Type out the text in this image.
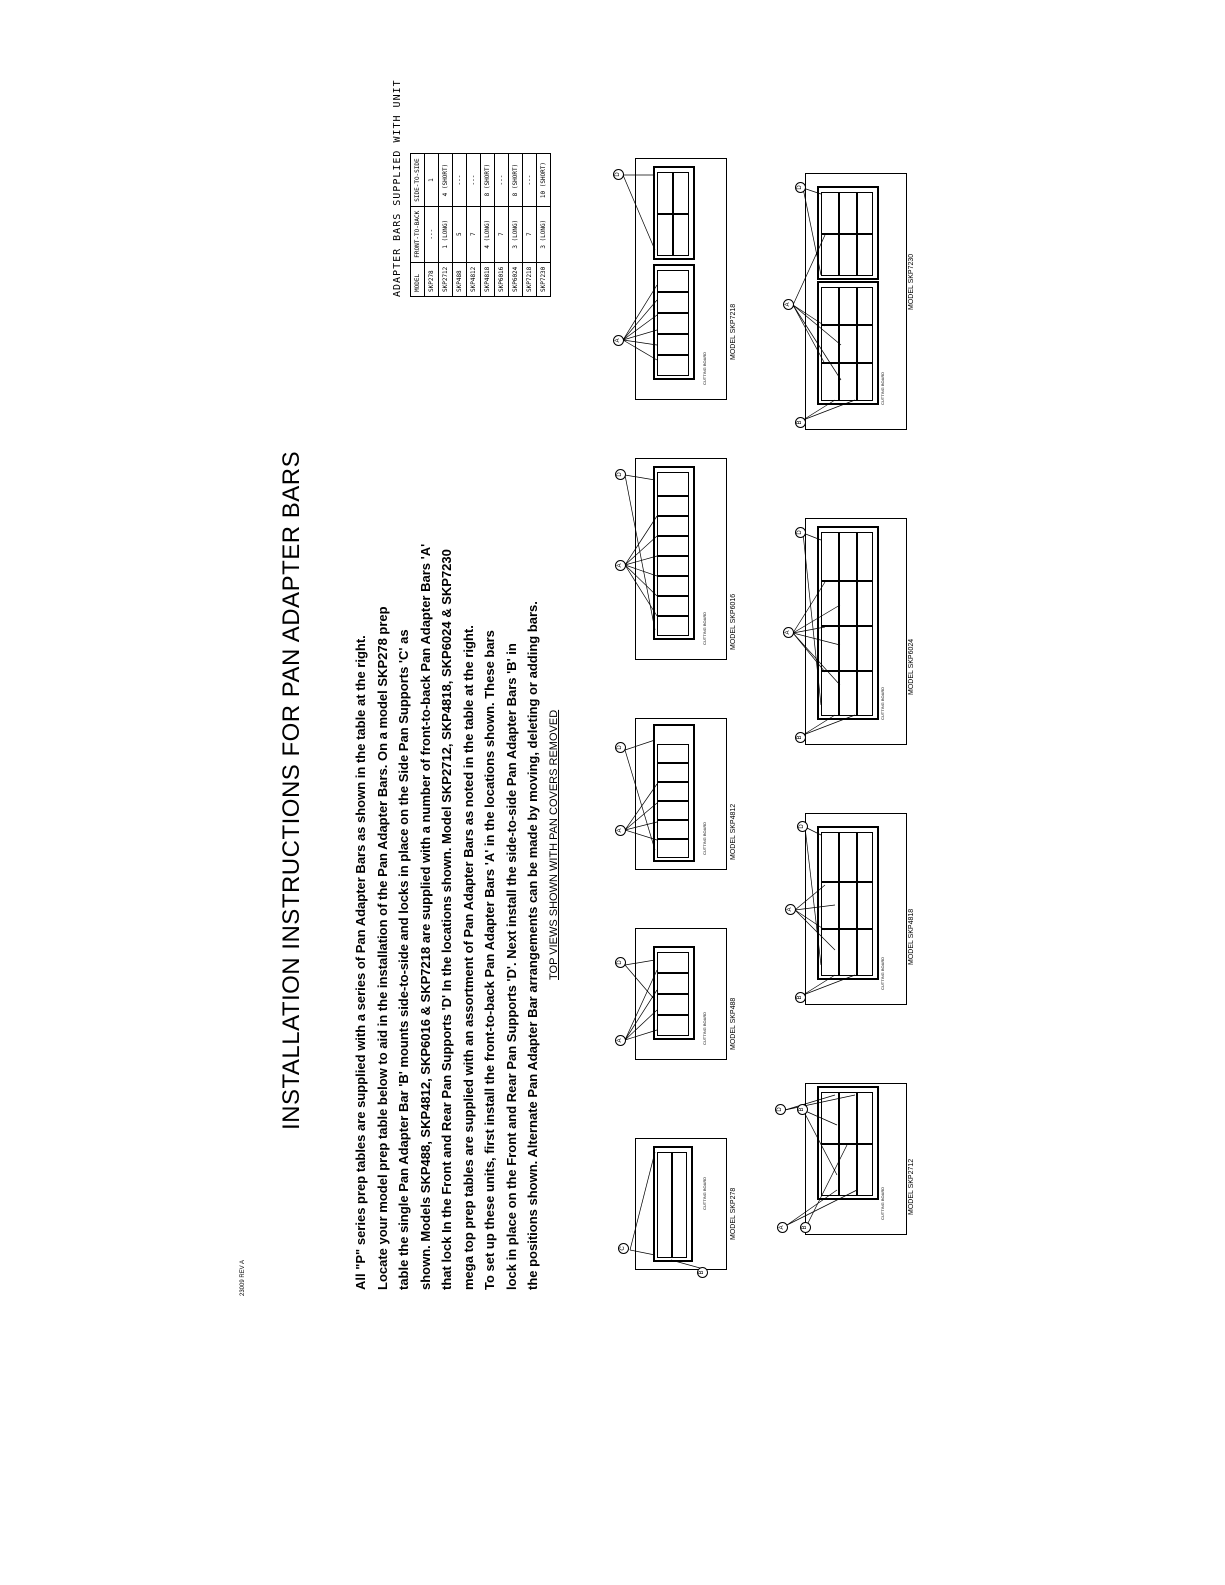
INSTALLATION INSTRUCTIONS FOR PAN ADAPTER BARS	All "P" series prep tables are supplied with a series of Pan Adapter Bars as shown in the table at the right. Locate your model prep table below to aid in the installation of the Pan Adapter Bars. On a model SKP278 prep table the single Pan Adapter Bar 'B' mounts side-to-side and locks in place on the Side Pan Supports 'C' as shown. Models SKP488, SKP4812, SKP6016 & SKP7218 are supplied with a number of front-to-back Pan Adapter Bars 'A' that lock In the Front and Rear Pan Supports 'D' In the locations shown. Model SKP2712, SKP4818, SKP6024 & SKP7230 mega top prep tables are supplied with an assortment of Pan Adapter Bars as noted in the table at the right. To set up these units, first install the front-to-back Pan Adapter Bars 'A' in the locations shown. These bars lock in place on the Front and Rear Pan Supports 'D'. Next install the side-to-side Pan Adapter Bars 'B' in the positions shown. Alternate Pan Adapter Bar arrangements can be made by moving, deleting or adding bars.

ADAPTER BARS SUPPLIED WITH UNIT MODEL	FRONT-TO-BACK	SIDE-TO-SIDE
SKP278	---	1
SKP2712	1 (LONG)	4 (SHORT)
SKP488	5	---
SKP4812	7	---
SKP4818	4 (LONG)	8 (SHORT)
SKP6016	7	---
SKP6024	3 (LONG)	8 (SHORT)
SKP7218	7	---
SKP7230	3 (LONG)	10 (SHORT)
TOP VIEWS SHOWN WITH PAN COVERS REMOVED
23009 REV A
C
B
CUTTING BOARD	MODEL SKP278
A
D
CUTTING BOARD	MODEL SKP488
A
D
CUTTING BOARD	MODEL SKP4812
A
D
CUTTING BOARD	MODEL SKP6016
A
D
CUTTING BOARD
MODEL SKP7218
A	B
D	B
CUTTING BOARD	MODEL SKP2712
B
A
D
CUTTING BOARD
MODEL SKP4818
B
A
D
CUTTING BOARD
MODEL SKP6024
B
A
D
CUTTING BOARD
MODEL SKP7230
